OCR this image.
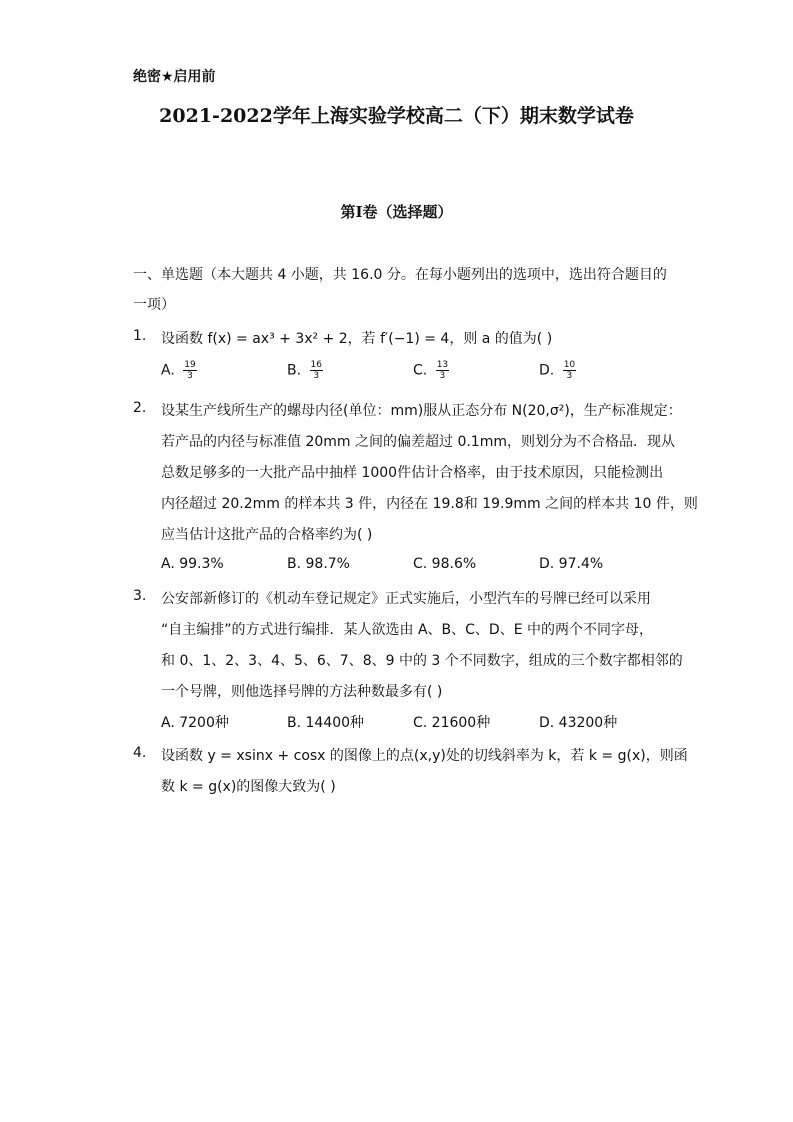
绝密★启用前
2021-2022学年上海实验学校高二（下）期末数学试卷
第I卷（选择题）
一、单选题（本大题共 4 小题，共 16.0 分。在每小题列出的选项中，选出符合题目的
一项）
1. 设函数 f(x) = ax³ + 3x² + 2，若 f′(−1) = 4，则 a 的值为( )
A. $\frac{19}{3}$	B. $\frac{16}{3}$	C. $\frac{13}{3}$	D. $\frac{10}{3}$
2. 设某生产线所生产的螺母内径(单位：mm)服从正态分布 N(20,σ²)，生产标准规定：
若产品的内径与标准值 20mm 之间的偏差超过 0.1mm，则划分为不合格品．现从
总数足够多的一大批产品中抽样 1000件估计合格率，由于技术原因，只能检测出
内径超过 20.2mm 的样本共 3 件，内径在 19.8和 19.9mm 之间的样本共 10 件，则
应当估计这批产品的合格率约为( )
A. 99.3%	B. 98.7%	C. 98.6%	D. 97.4%
3. 公安部新修订的《机动车登记规定》正式实施后，小型汽车的号牌已经可以采用
“自主编排”的方式进行编排．某人欲选由 A、B、C、D、E 中的两个不同字母，
和 0、1、2、3、4、5、6、7、8、9 中的 3 个不同数字，组成的三个数字都相邻的
一个号牌，则他选择号牌的方法种数最多有( )
A. 7200种	B. 14400种	C. 21600种	D. 43200种
4. 设函数 y = xsinx + cosx 的图像上的点(x,y)处的切线斜率为 k，若 k = g(x)，则函
数 k = g(x)的图像大致为( )
